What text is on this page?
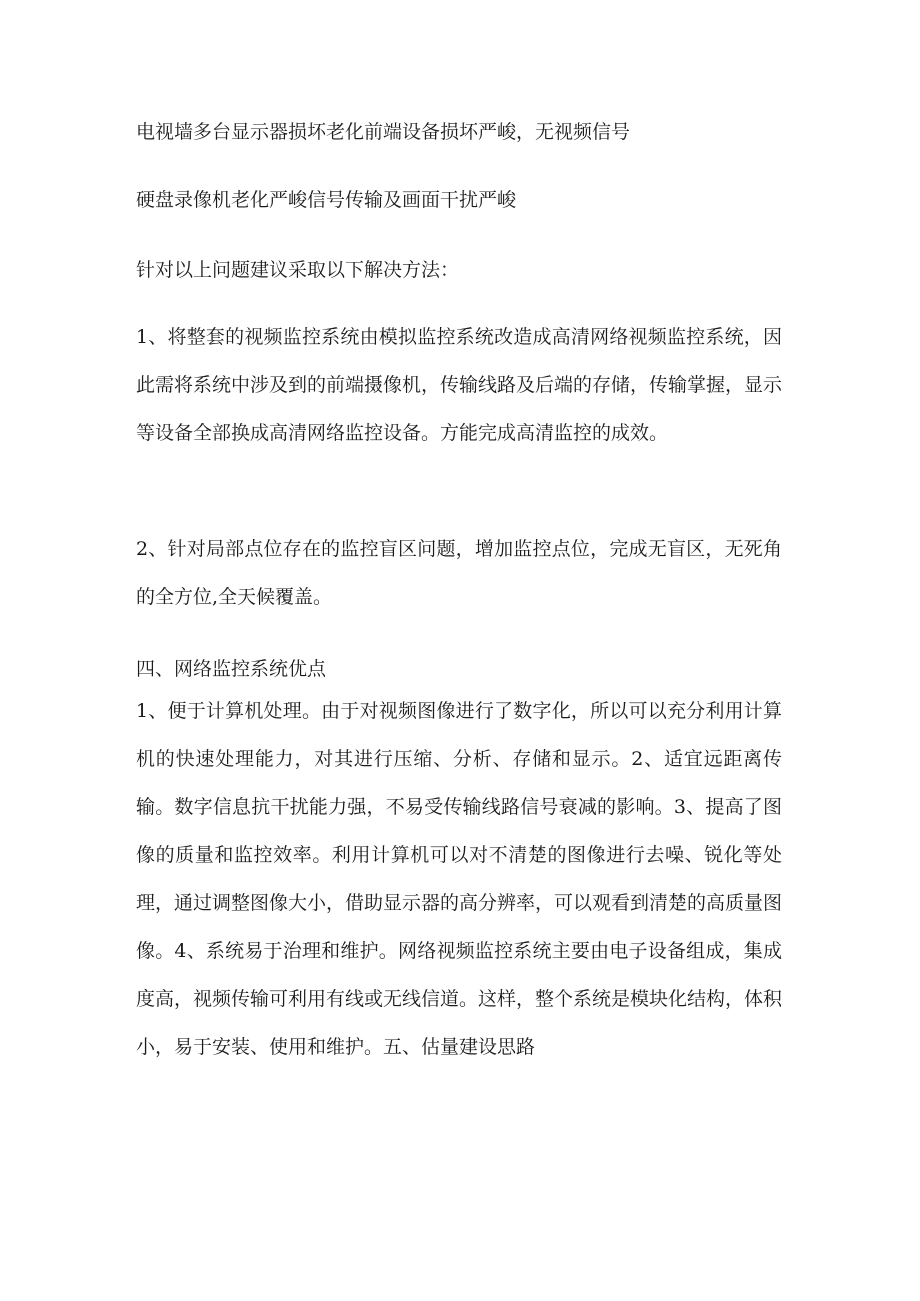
电视墙多台显示器损坏老化前端设备损坏严峻，无视频信号

硬盘录像机老化严峻信号传输及画面干扰严峻

针对以上问题建议采取以下解决方法：

1、将整套的视频监控系统由模拟监控系统改造成高清网络视频监控系统，因此需将系统中涉及到的前端摄像机，传输线路及后端的存储，传输掌握，显示等设备全部换成高清网络监控设备。方能完成高清监控的成效。

2、针对局部点位存在的监控盲区问题，增加监控点位，完成无盲区，无死角的全方位,全天候覆盖。

四、网络监控系统优点

1、便于计算机处理。由于对视频图像进行了数字化，所以可以充分利用计算机的快速处理能力，对其进行压缩、分析、存储和显示。2、适宜远距离传输。数字信息抗干扰能力强，不易受传输线路信号衰减的影响。3、提高了图像的质量和监控效率。利用计算机可以对不清楚的图像进行去噪、锐化等处理，通过调整图像大小，借助显示器的高分辨率，可以观看到清楚的高质量图像。4、系统易于治理和维护。网络视频监控系统主要由电子设备组成，集成度高，视频传输可利用有线或无线信道。这样，整个系统是模块化结构，体积小，易于安装、使用和维护。五、估量建设思路
